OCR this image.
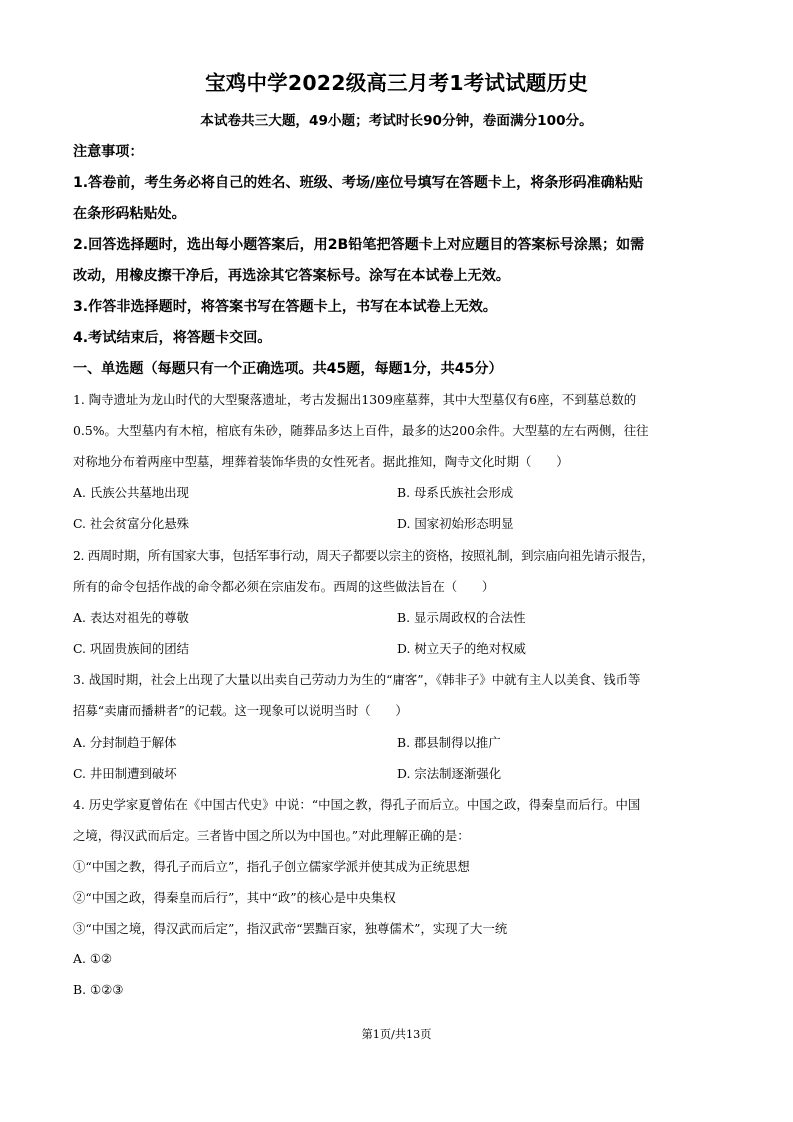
宝鸡中学2022级高三月考1考试试题历史
本试卷共三大题，49小题；考试时长90分钟，卷面满分100分。
注意事项：
1.答卷前，考生务必将自己的姓名、班级、考场/座位号填写在答题卡上，将条形码准确粘贴
在条形码粘贴处。
2.回答选择题时，选出每小题答案后，用2B铅笔把答题卡上对应题目的答案标号涂黑；如需
改动，用橡皮擦干净后，再选涂其它答案标号。涂写在本试卷上无效。
3.作答非选择题时，将答案书写在答题卡上，书写在本试卷上无效。
4.考试结束后，将答题卡交回。
一、单选题（每题只有一个正确选项。共45题，每题1分，共45分）
1. 陶寺遗址为龙山时代的大型聚落遗址，考古发掘出1309座墓葬，其中大型墓仅有6座，不到墓总数的
0.5%。大型墓内有木棺，棺底有朱砂，随葬品多达上百件，最多的达200余件。大型墓的左右两侧，往往
对称地分布着两座中型墓，埋葬着装饰华贵的女性死者。据此推知，陶寺文化时期（　　）
A. 氏族公共墓地出现	B. 母系氏族社会形成
C. 社会贫富分化悬殊	D. 国家初始形态明显
2. 西周时期，所有国家大事，包括军事行动，周天子都要以宗主的资格，按照礼制，到宗庙向祖先请示报告，
所有的命令包括作战的命令都必须在宗庙发布。西周的这些做法旨在（　　）
A. 表达对祖先的尊敬	B. 显示周政权的合法性
C. 巩固贵族间的团结	D. 树立天子的绝对权威
3. 战国时期，社会上出现了大量以出卖自己劳动力为生的“庸客”，《韩非子》中就有主人以美食、钱币等
招募“卖庸而播耕者”的记载。这一现象可以说明当时（　　）
A. 分封制趋于解体	B. 郡县制得以推广
C. 井田制遭到破坏	D. 宗法制逐渐强化
4. 历史学家夏曾佑在《中国古代史》中说：“中国之教，得孔子而后立。中国之政，得秦皇而后行。中国
之境，得汉武而后定。三者皆中国之所以为中国也。”对此理解正确的是：
①“中国之教，得孔子而后立”，指孔子创立儒家学派并使其成为正统思想
②“中国之政，得秦皇而后行”，其中“政”的核心是中央集权
③“中国之境，得汉武而后定”，指汉武帝“罢黜百家，独尊儒术”，实现了大一统
A. ①②
B. ①②③
第1页/共13页
